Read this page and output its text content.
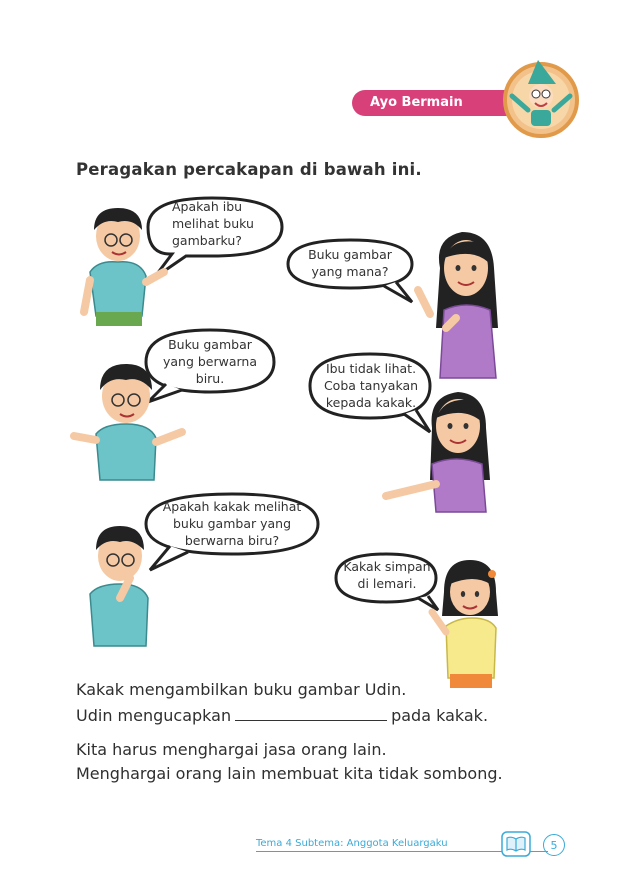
Ayo Bermain Peran
Peragakan percakapan di bawah ini.
Apakah ibu
melihat buku
gambarku?
Buku gambar
yang mana?
Buku gambar
yang berwarna
biru.
Ibu tidak lihat.
Coba tanyakan
kepada kakak.
Apakah kakak melihat
buku gambar yang
berwarna biru?
Kakak simpan
di lemari.
Kakak mengambilkan buku gambar Udin.
Udin mengucapkan	pada kakak.
Kita harus menghargai jasa orang lain.
Menghargai orang lain membuat kita tidak sombong.
Tema 4 Subtema: Anggota Keluargaku	5
